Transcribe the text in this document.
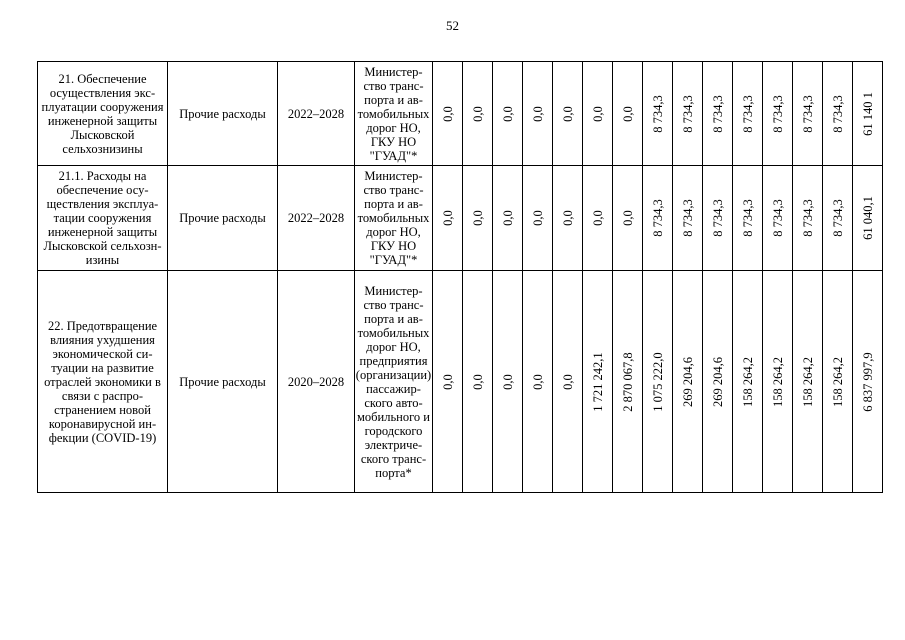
52
21. Обеспечение осуществления эксплуатации сооружения инженерной защиты Лысковской сельхознизины	Прочие расходы	2022–2028	Министерство транспорта и автомобильных дорог НО, ГКУ НО "ГУАД"*	0,0	0,0	0,0	0,0	0,0	0,0	0,0	8 734,3	8 734,3	8 734,3	8 734,3	8 734,3	8 734,3	8 734,3	61 140 1

21.1. Расходы на обеспечение осуществления эксплуатации сооружения инженерной защиты Лысковской сельхознизины	Прочие расходы	2022–2028	Министерство транспорта и автомобильных дорог НО, ГКУ НО "ГУАД"*	0,0	0,0	0,0	0,0	0,0	0,0	0,0	8 734,3	8 734,3	8 734,3	8 734,3	8 734,3	8 734,3	8 734,3	61 040,1

22. Предотвращение влияния ухудшения экономической ситуации на развитие отраслей экономики в связи с распространением новой коронавирусной инфекции (COVID-19)	Прочие расходы	2020–2028	Министерство транспорта и автомобильных дорог НО, предприятия (организации) пассажирского автомобильного и городского электрического транспорта*	0,0	0,0	0,0	0,0	0,0	1 721 242,1	2 870 067,8	1 075 222,0	269 204,6	269 204,6	158 264,2	158 264,2	158 264,2	158 264,2	6 837 997,9
